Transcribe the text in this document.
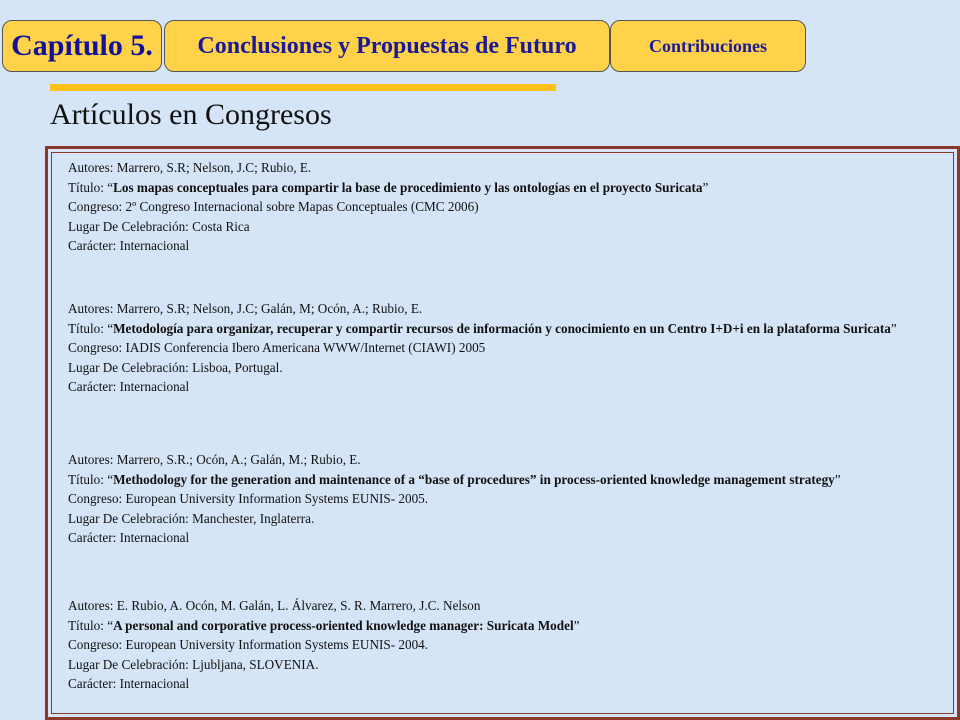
Capítulo 5.	Conclusiones y Propuestas de Futuro	Contribuciones
Artículos en Congresos
Autores: Marrero, S.R; Nelson, J.C; Rubio, E.
Título: “Los mapas conceptuales para compartir la base de procedimiento y las ontologías en el proyecto Suricata”
Congreso: 2º Congreso Internacional sobre Mapas Conceptuales (CMC 2006)
Lugar De Celebración: Costa Rica
Carácter: Internacional
Autores: Marrero, S.R; Nelson, J.C; Galán, M; Ocón, A.; Rubio, E.
Título: “Metodología para organizar, recuperar y compartir recursos de información y conocimiento en un Centro I+D+i en la plataforma Suricata”
Congreso: IADIS Conferencia Ibero Americana WWW/Internet (CIAWI) 2005
Lugar De Celebración: Lisboa, Portugal.
Carácter: Internacional
Autores: Marrero, S.R.; Ocón, A.; Galán, M.; Rubio, E.
Título: “Methodology for the generation and maintenance of a “base of procedures” in process-oriented knowledge management strategy”
Congreso: European University Information Systems EUNIS- 2005.
Lugar De Celebración: Manchester, Inglaterra.
Carácter: Internacional
Autores: E. Rubio, A. Ocón, M. Galán, L. Álvarez, S. R. Marrero, J.C. Nelson
Título: “A personal and corporative process-oriented knowledge manager: Suricata Model”
Congreso: European University Information Systems EUNIS- 2004.
Lugar De Celebración: Ljubljana, SLOVENIA.
Carácter: Internacional
